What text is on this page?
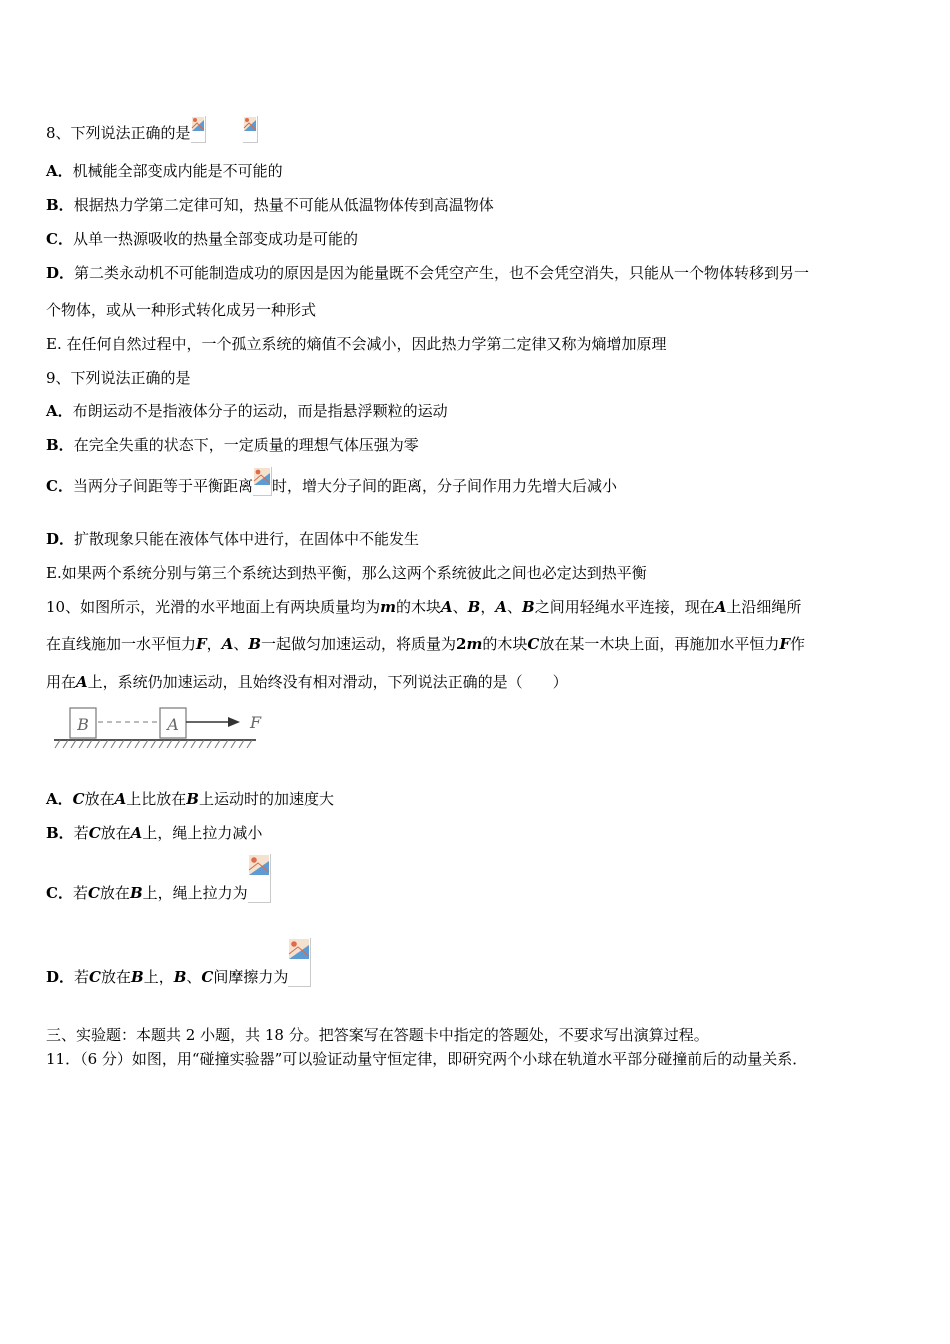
8、下列说法正确的是

A．机械能全部变成内能是不可能的
B．根据热力学第二定律可知，热量不可能从低温物体传到高温物体
C．从单一热源吸收的热量全部变成功是可能的
D．第二类永动机不可能制造成功的原因是因为能量既不会凭空产生，也不会凭空消失，只能从一个物体转移到另一
个物体，或从一种形式转化成另一种形式
E. 在任何自然过程中，一个孤立系统的熵值不会减小，因此热力学第二定律又称为熵增加原理
9、下列说法正确的是
A．布朗运动不是指液体分子的运动，而是指悬浮颗粒的运动
B．在完全失重的状态下，一定质量的理想气体压强为零
C．当两分子间距等于平衡距离 时，增大分子间的距离，分子间作用力先增大后减小
D．扩散现象只能在液体气体中进行，在固体中不能发生
E.如果两个系统分别与第三个系统达到热平衡，那么这两个系统彼此之间也必定达到热平衡
10、如图所示，光滑的水平地面上有两块质量均为m的木块A、B，A、B之间用轻绳水平连接，现在A上沿细绳所
在直线施加一水平恒力F，A、B一起做匀加速运动，将质量为2m的木块C放在某一木块上面，再施加水平恒力F作
用在A上，系统仍加速运动，且始终没有相对滑动，下列说法正确的是（　　）
B	A	F
A．C放在A上比放在B上运动时的加速度大
B．若C放在A上，绳上拉力减小
C．若C放在B上，绳上拉力为
D．若C放在B上，B、C间摩擦力为
三、实验题：本题共 2 小题，共 18 分。把答案写在答题卡中指定的答题处，不要求写出演算过程。
11．（6 分）如图，用“碰撞实验器”可以验证动量守恒定律，即研究两个小球在轨道水平部分碰撞前后的动量关系．
